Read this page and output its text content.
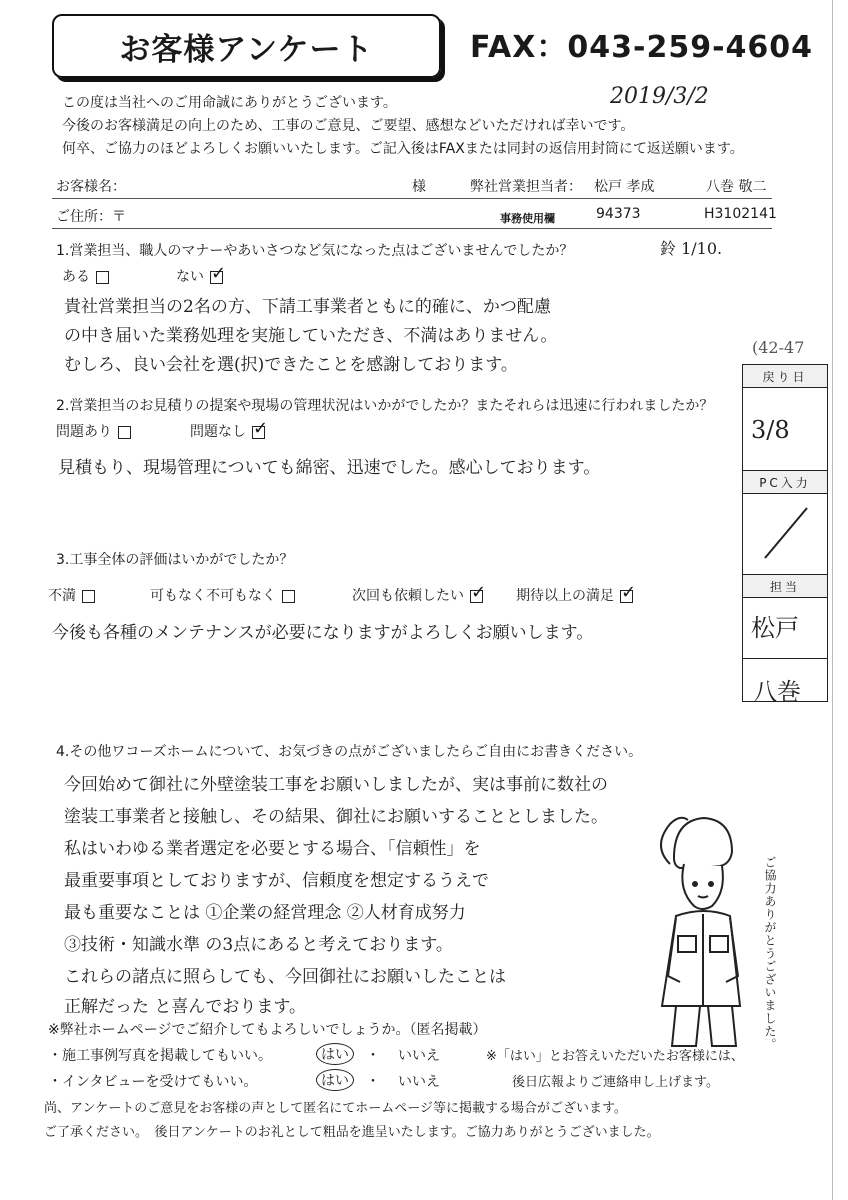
お客様アンケート	FAX：043-259-4604
2019/3/2
この度は当社へのご用命誠にありがとうございます。
今後のお客様満足の向上のため、工事のご意見、ご要望、感想などいただければ幸いです。
何卒、ご協力のほどよろしくお願いいたします。ご記入後はFAXまたは同封の返信用封筒にて返送願います。
お客様名：	様	弊社営業担当者： 松戸 孝成	八巻 敬二
ご住所：〒	事務使用欄	94373	H3102141
1.営業担当、職人のマナーやあいさつなど気になった点はございませんでしたか？	鈴 1/10.
ある	ない✓
貴社営業担当の2名の方、下請工事業者ともに的確に、かつ配慮
の中き届いた業務処理を実施していただき、不満はありません。
むしろ、良い会社を選(択)できたことを感謝しております。
2.営業担当のお見積りの提案や現場の管理状況はいかがでしたか？またそれらは迅速に行われましたか？
問題あり	問題なし✓
見積もり、現場管理についても綿密、迅速でした。感心しております。
3.工事全体の評価はいかがでしたか？
不満	可もなく不可もなく	次回も依頼したい✓	期待以上の満足✓
今後も各種のメンテナンスが必要になりますがよろしくお願いします。
(42-47
戻り日
3/8
PC入力
担当
松戸
八巻
4.その他ワコーズホームについて、お気づきの点がございましたらご自由にお書きください。
今回始めて御社に外壁塗装工事をお願いしましたが、実は事前に数社の
塗装工事業者と接触し、その結果、御社にお願いすることとしました。
私はいわゆる業者選定を必要とする場合、「信頼性」を
最重要事項としておりますが、信頼度を想定するうえで
最も重要なことは ①企業の経営理念 ②人材育成努力
③技術・知識水準 の3点にあると考えております。
これらの諸点に照らしても、今回御社にお願いしたことは
正解だった と喜んでおります。	ご協力ありがとうございました。
※弊社ホームページでご紹介してもよろしいでしょうか。（匿名掲載）
・施工事例写真を掲載してもいい。	はい	・ いいえ	※「はい」とお答えいただいたお客様には、
・インタビューを受けてもいい。	はい	・ いいえ	後日広報よりご連絡申し上げます。
尚、アンケートのご意見をお客様の声として匿名にてホームページ等に掲載する場合がございます。
ご了承ください。　後日アンケートのお礼として粗品を進呈いたします。ご協力ありがとうございました。
